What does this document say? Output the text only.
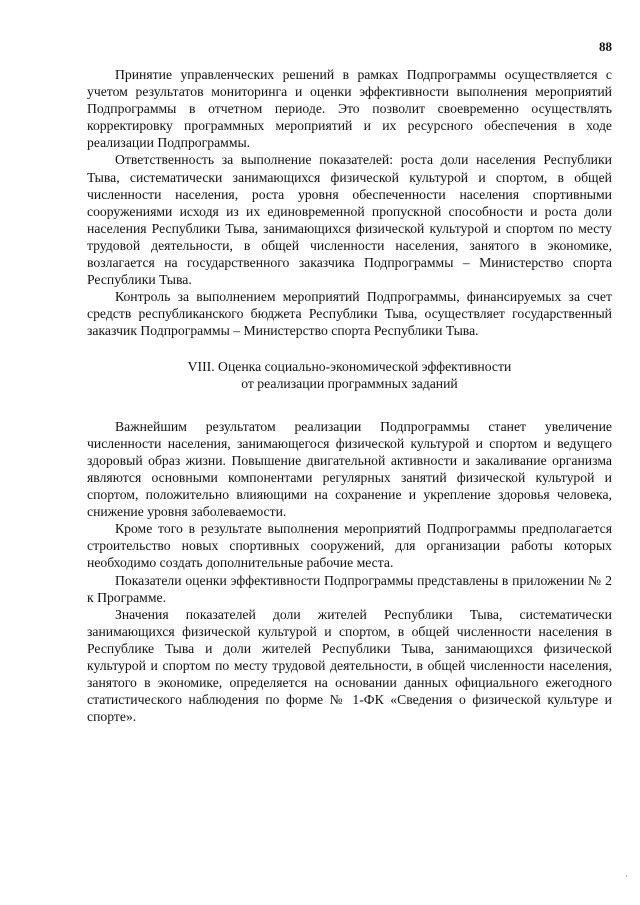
88

Принятие управленческих решений в рамках Подпрограммы осуществляется с учетом результатов мониторинга и оценки эффективности выполнения мероприятий Подпрограммы в отчетном периоде. Это позволит своевременно осуществлять корректировку программных мероприятий и их ресурсного обеспечения в ходе реализации Подпрограммы.

Ответственность за выполнение показателей: роста доли населения Республики Тыва, систематически занимающихся физической культурой и спортом, в общей численности населения, роста уровня обеспеченности населения спортивными сооружениями исходя из их единовременной пропускной способности и роста доли населения Республики Тыва, занимающихся физической культурой и спортом по месту трудовой деятельности, в общей численности населения, занятого в экономике, возлагается на государственного заказчика Подпрограммы – Министерство спорта Республики Тыва.

Контроль за выполнением мероприятий Подпрограммы, финансируемых за счет средств республиканского бюджета Республики Тыва, осуществляет государственный заказчик Подпрограммы – Министерство спорта Республики Тыва.

VIII. Оценка социально-экономической эффективности
от реализации программных заданий

Важнейшим результатом реализации Подпрограммы станет увеличение численности населения, занимающегося физической культурой и спортом и ведущего здоровый образ жизни. Повышение двигательной активности и закаливание организма являются основными компонентами регулярных занятий физической культурой и спортом, положительно влияющими на сохранение и укрепление здоровья человека, снижение уровня заболеваемости.

Кроме того в результате выполнения мероприятий Подпрограммы предполагается строительство новых спортивных сооружений, для организации работы которых необходимо создать дополнительные рабочие места.

Показатели оценки эффективности Подпрограммы представлены в приложении № 2 к Программе.

Значения показателей доли жителей Республики Тыва, систематически занимающихся физической культурой и спортом, в общей численности населения в Республике Тыва и доли жителей Республики Тыва, занимающихся физической культурой и спортом по месту трудовой деятельности, в общей численности населения, занятого в экономике, определяется на основании данных официального ежегодного статистического наблюдения по форме № 1-ФК «Сведения о физической культуре и спорте».

·
